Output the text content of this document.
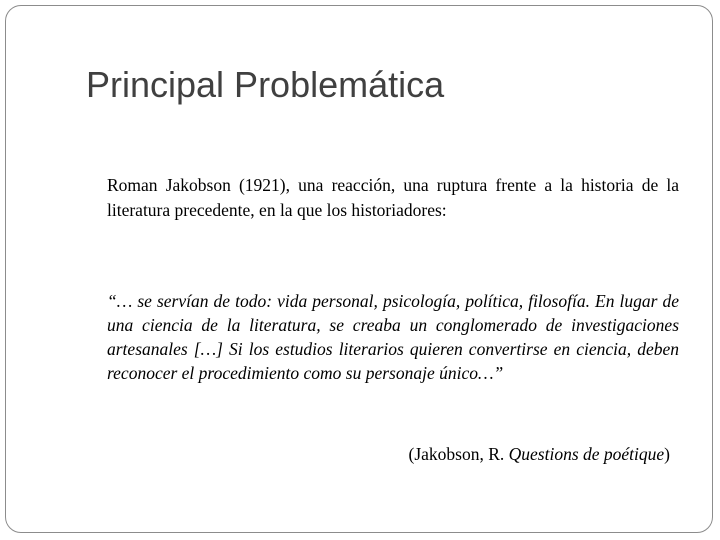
Principal Problemática

Roman Jakobson (1921), una reacción, una ruptura frente a la historia de la literatura precedente, en la que los historiadores:

“… se servían de todo: vida personal, psicología, política, filosofía. En lugar de una ciencia de la literatura, se creaba un conglomerado de investigaciones artesanales […] Si los estudios literarios quieren convertirse en ciencia, deben reconocer el procedimiento como su personaje único…”

(Jakobson, R. Questions de poétique)
